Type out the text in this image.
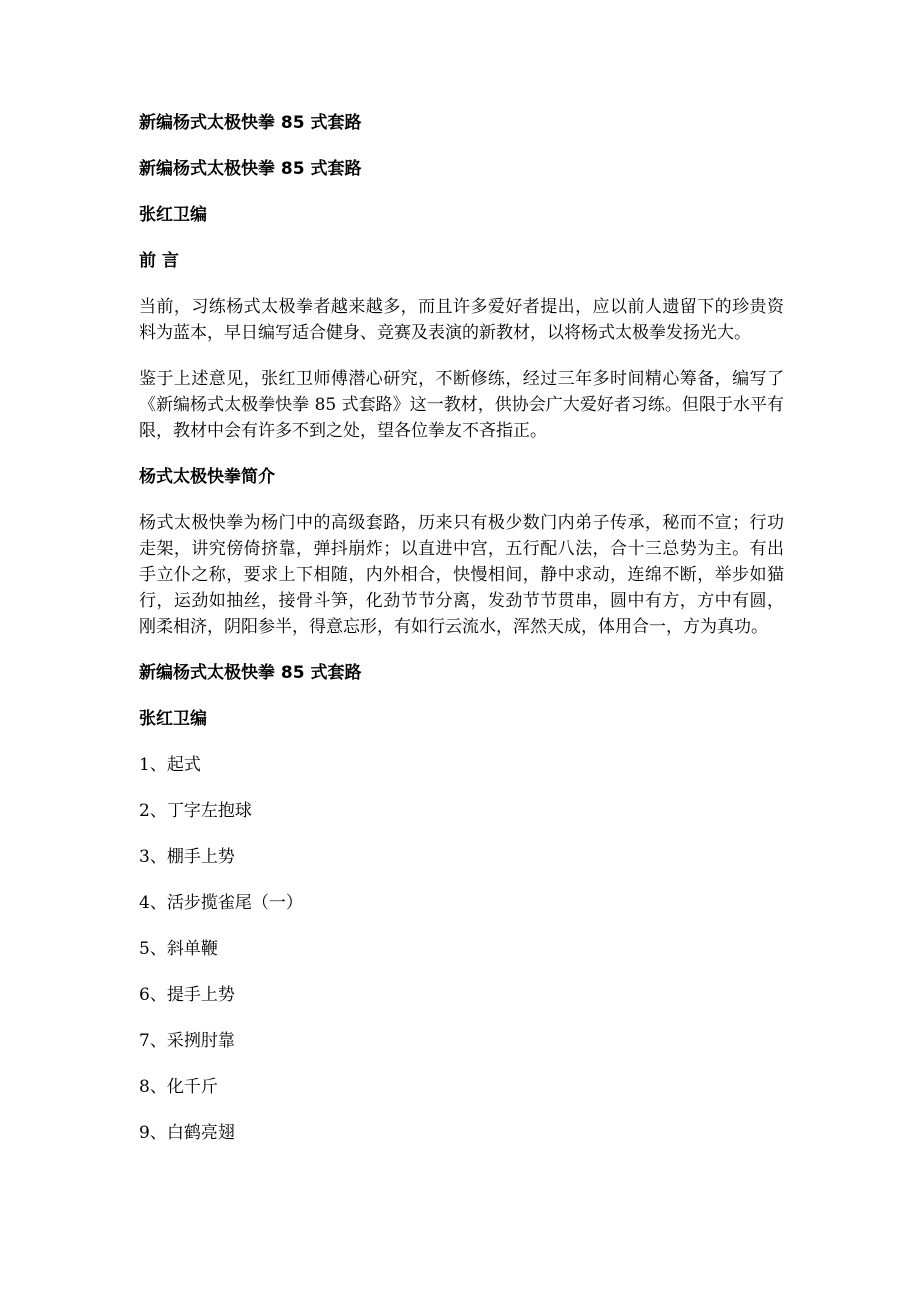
新编杨式太极快拳 85 式套路
新编杨式太极快拳 85 式套路
张红卫编
前 言
当前，习练杨式太极拳者越来越多，而且许多爱好者提出，应以前人遗留下的珍贵资料为蓝本，早日编写适合健身、竞赛及表演的新教材，以将杨式太极拳发扬光大。
鉴于上述意见，张红卫师傅潜心研究，不断修练，经过三年多时间精心筹备，编写了《新编杨式太极拳快拳 85 式套路》这一教材，供协会广大爱好者习练。但限于水平有限，教材中会有许多不到之处，望各位拳友不吝指正。
杨式太极快拳简介
杨式太极快拳为杨门中的高级套路，历来只有极少数门内弟子传承，秘而不宣；行功走架，讲究傍倚挤靠，弹抖崩炸；以直进中宫，五行配八法，合十三总势为主。有出手立仆之称，要求上下相随，内外相合，快慢相间，静中求动，连绵不断，举步如猫行，运劲如抽丝，接骨斗笋，化劲节节分离，发劲节节贯串，圆中有方，方中有圆，刚柔相济，阴阳参半，得意忘形，有如行云流水，浑然天成，体用合一，方为真功。
新编杨式太极快拳 85 式套路
张红卫编
1、起式
2、丁字左抱球
3、棚手上势
4、活步揽雀尾（一）
5、斜单鞭
6、提手上势
7、采挒肘靠
8、化千斤
9、白鹤亮翅
